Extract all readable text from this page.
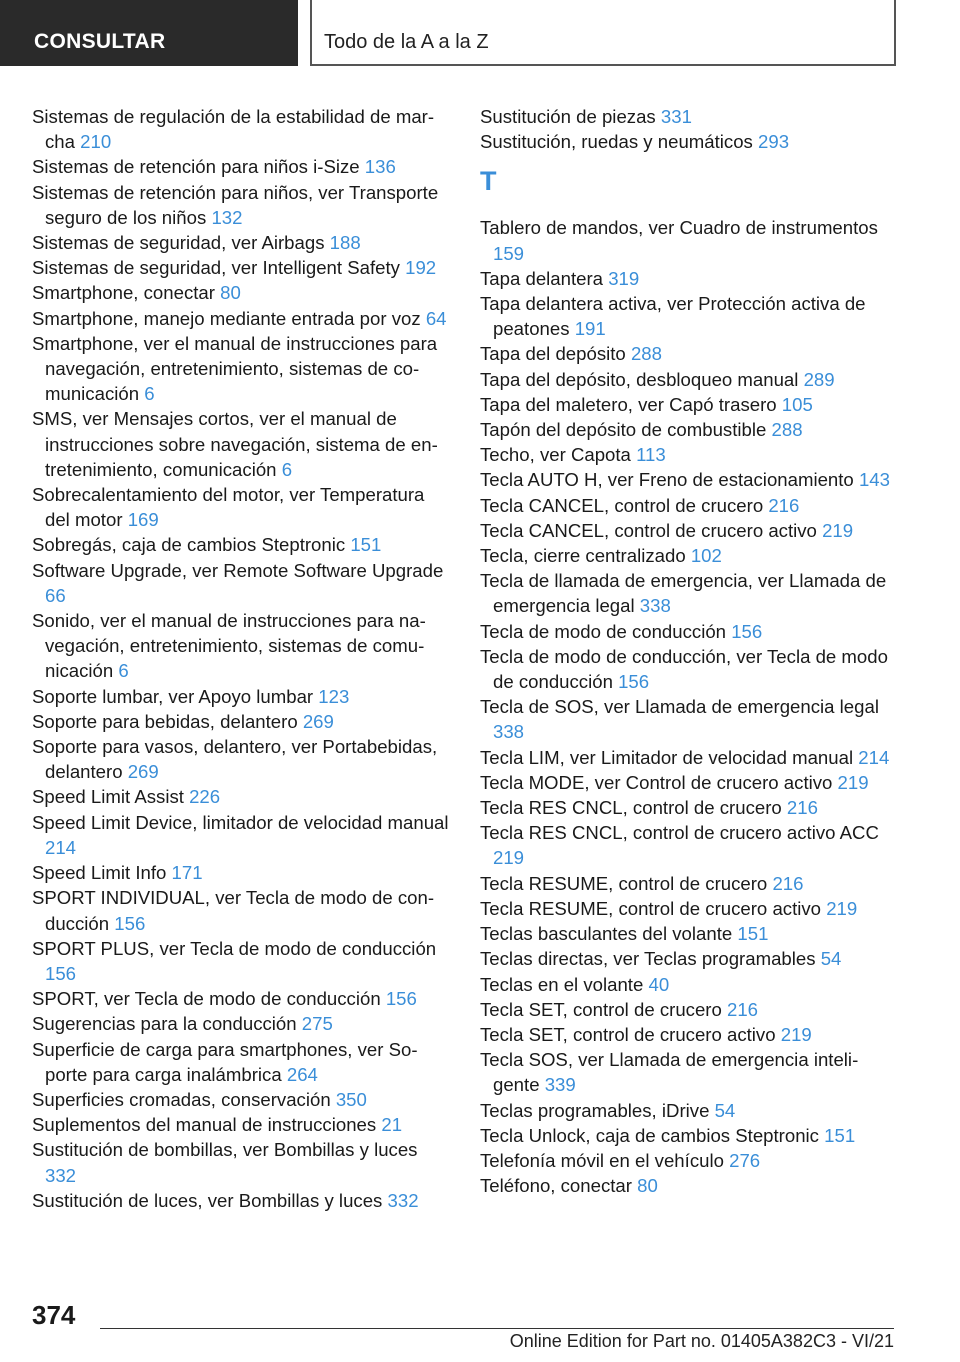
CONSULTAR	Todo de la A a la Z

Sistemas de regulación de la estabilidad de marcha 210

Sistemas de retención para niños i-Size 136

Sistemas de retención para niños, ver Transporte seguro de los niños 132

Sistemas de seguridad, ver Airbags 188

Sistemas de seguridad, ver Intelligent Safety 192

Smartphone, conectar 80

Smartphone, manejo mediante entrada por voz 64

Smartphone, ver el manual de instrucciones para navegación, entretenimiento, sistemas de comunicación 6

SMS, ver Mensajes cortos, ver el manual de instrucciones sobre navegación, sistema de entretenimiento, comunicación 6

Sobrecalentamiento del motor, ver Temperatura del motor 169

Sobregás, caja de cambios Steptronic 151

Software Upgrade, ver Remote Software Upgrade 66

Sonido, ver el manual de instrucciones para navegación, entretenimiento, sistemas de comunicación 6

Soporte lumbar, ver Apoyo lumbar 123

Soporte para bebidas, delantero 269

Soporte para vasos, delantero, ver Portabebidas, delantero 269

Speed Limit Assist 226

Speed Limit Device, limitador de velocidad manual 214

Speed Limit Info 171

SPORT INDIVIDUAL, ver Tecla de modo de conducción 156

SPORT PLUS, ver Tecla de modo de conducción 156

SPORT, ver Tecla de modo de conducción 156

Sugerencias para la conducción 275

Superficie de carga para smartphones, ver Soporte para carga inalámbrica 264

Superficies cromadas, conservación 350

Suplementos del manual de instrucciones 21

Sustitución de bombillas, ver Bombillas y luces 332

Sustitución de luces, ver Bombillas y luces 332

Sustitución de piezas 331

Sustitución, ruedas y neumáticos 293

T

Tablero de mandos, ver Cuadro de instrumentos 159

Tapa delantera 319

Tapa delantera activa, ver Protección activa de peatones 191

Tapa del depósito 288

Tapa del depósito, desbloqueo manual 289

Tapa del maletero, ver Capó trasero 105

Tapón del depósito de combustible 288

Techo, ver Capota 113

Tecla AUTO H, ver Freno de estacionamiento 143

Tecla CANCEL, control de crucero 216

Tecla CANCEL, control de crucero activo 219

Tecla, cierre centralizado 102

Tecla de llamada de emergencia, ver Llamada de emergencia legal 338

Tecla de modo de conducción 156

Tecla de modo de conducción, ver Tecla de modo de conducción 156

Tecla de SOS, ver Llamada de emergencia legal 338

Tecla LIM, ver Limitador de velocidad manual 214

Tecla MODE, ver Control de crucero activo 219

Tecla RES CNCL, control de crucero 216

Tecla RES CNCL, control de crucero activo ACC 219

Tecla RESUME, control de crucero 216

Tecla RESUME, control de crucero activo 219

Teclas basculantes del volante 151

Teclas directas, ver Teclas programables 54

Teclas en el volante 40

Tecla SET, control de crucero 216

Tecla SET, control de crucero activo 219

Tecla SOS, ver Llamada de emergencia inteligente 339

Teclas programables, iDrive 54

Tecla Unlock, caja de cambios Steptronic 151

Telefonía móvil en el vehículo 276

Teléfono, conectar 80

374
Online Edition for Part no. 01405A382C3 - VI/21
